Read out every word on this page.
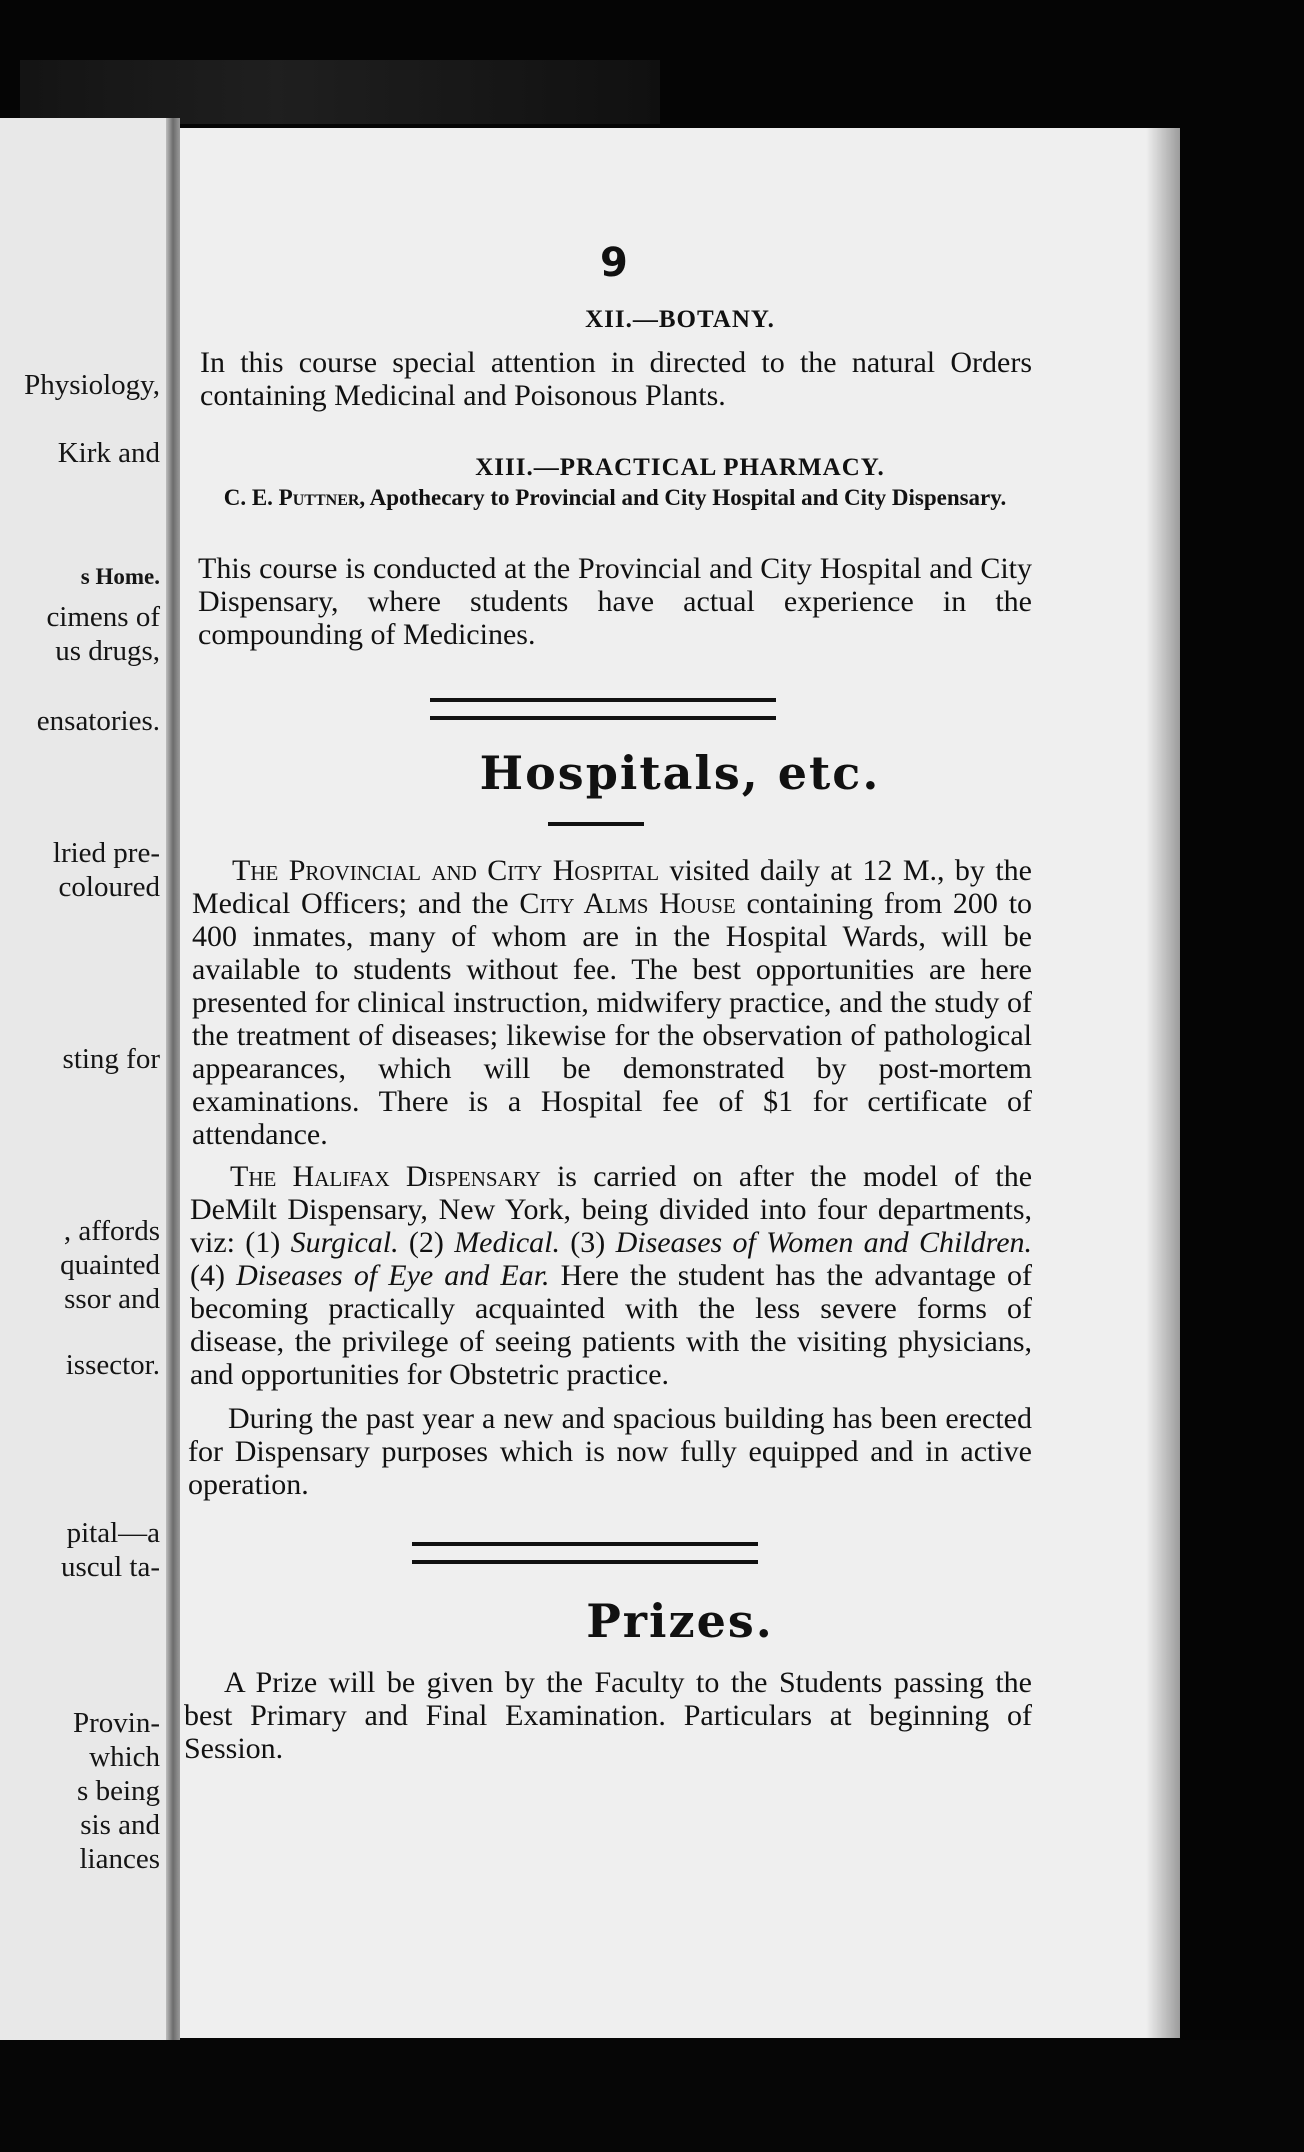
Physiology,

Kirk and

s Home.

cimens of

us drugs,

ensatories.

lried pre-

coloured

sting for

, affords

quainted

ssor and

issector.

pital—a

uscul ta-

Provin-

which

s being

sis and

liances

9
XII.—BOTANY.

In this course special attention in directed to the natural Orders containing Medicinal and Poisonous Plants.

XIII.—PRACTICAL PHARMACY.

C. E. Puttner, Apothecary to Provincial and City Hospital and City Dispensary.

This course is conducted at the Provincial and City Hospital and City Dispensary, where students have actual experience in the compounding of Medicines.

Hospitals, etc.

The Provincial and City Hospital visited daily at 12 M., by the Medical Officers; and the City Alms House containing from 200 to 400 inmates, many of whom are in the Hospital Wards, will be available to students without fee. The best opportunities are here presented for clinical instruction, midwifery practice, and the study of the treatment of diseases; likewise for the observation of pathological appearances, which will be demonstrated by post-mortem examinations. There is a Hospital fee of $1 for certificate of attendance.

The Halifax Dispensary is carried on after the model of the DeMilt Dispensary, New York, being divided into four departments, viz: (1) Surgical. (2) Medical. (3) Diseases of Women and Children. (4) Diseases of Eye and Ear. Here the student has the advantage of becoming practically acquainted with the less severe forms of disease, the privilege of seeing patients with the visiting physicians, and opportunities for Obstetric practice.

During the past year a new and spacious building has been erected for Dispensary purposes which is now fully equipped and in active operation.

Prizes.

A Prize will be given by the Faculty to the Students passing the best Primary and Final Examination. Particulars at beginning of Session.
